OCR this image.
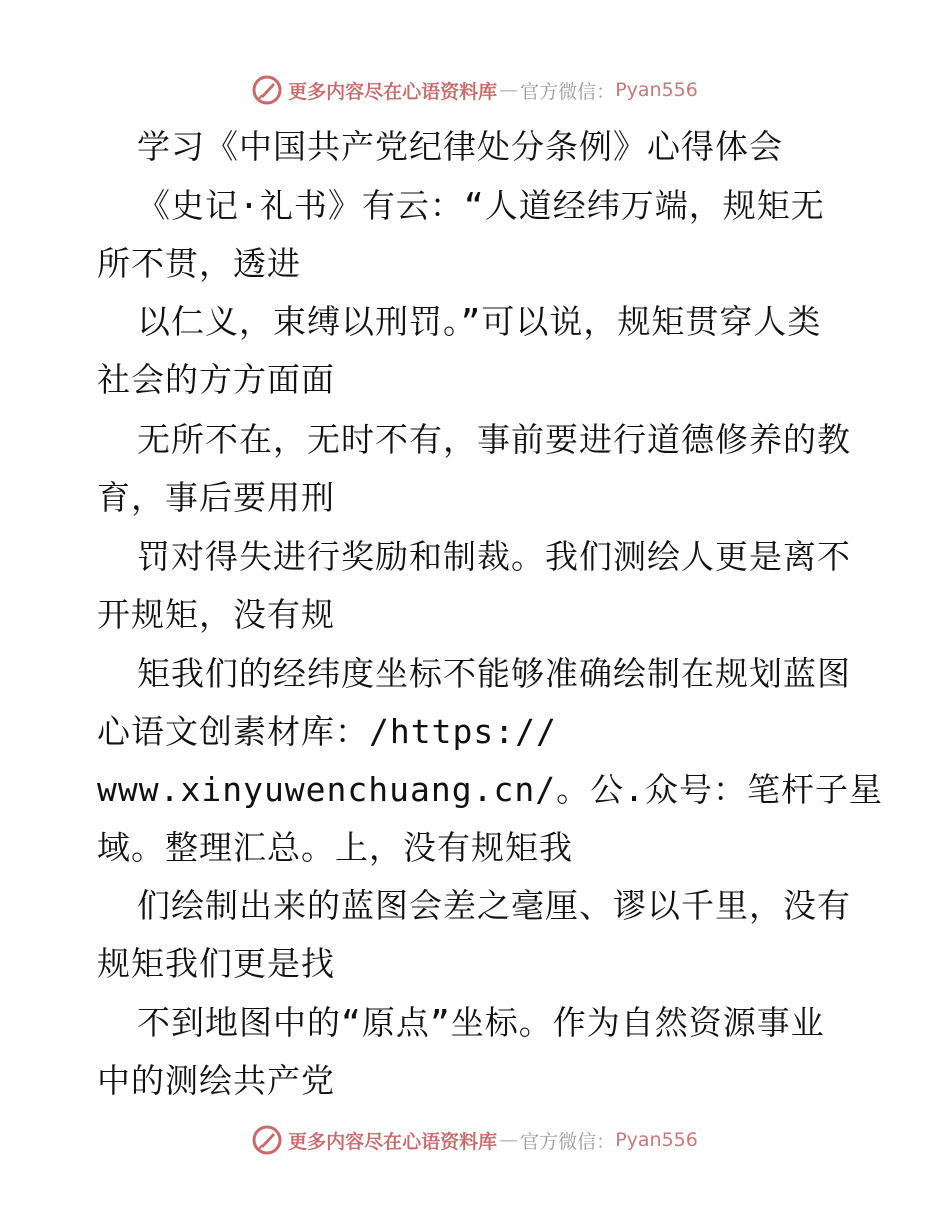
更多内容尽在心语资料库 — 官方微信： Pyan556
学习《中国共产党纪律处分条例》心得体会
《史记·礼书》有云：“人道经纬万端，规矩无
所不贯，透进
以仁义，束缚以刑罚。”可以说，规矩贯穿人类
社会的方方面面
无所不在，无时不有，事前要进行道德修养的教
育，事后要用刑
罚对得失进行奖励和制裁。我们测绘人更是离不
开规矩，没有规
矩我们的经纬度坐标不能够准确绘制在规划蓝图
心语文创素材库：/https://
www.xinyuwenchuang.cn/。公.众号：笔杆子星
域。整理汇总。上，没有规矩我
们绘制出来的蓝图会差之毫厘、谬以千里，没有
规矩我们更是找
不到地图中的“原点”坐标。作为自然资源事业
中的测绘共产党
更多内容尽在心语资料库 — 官方微信： Pyan556
